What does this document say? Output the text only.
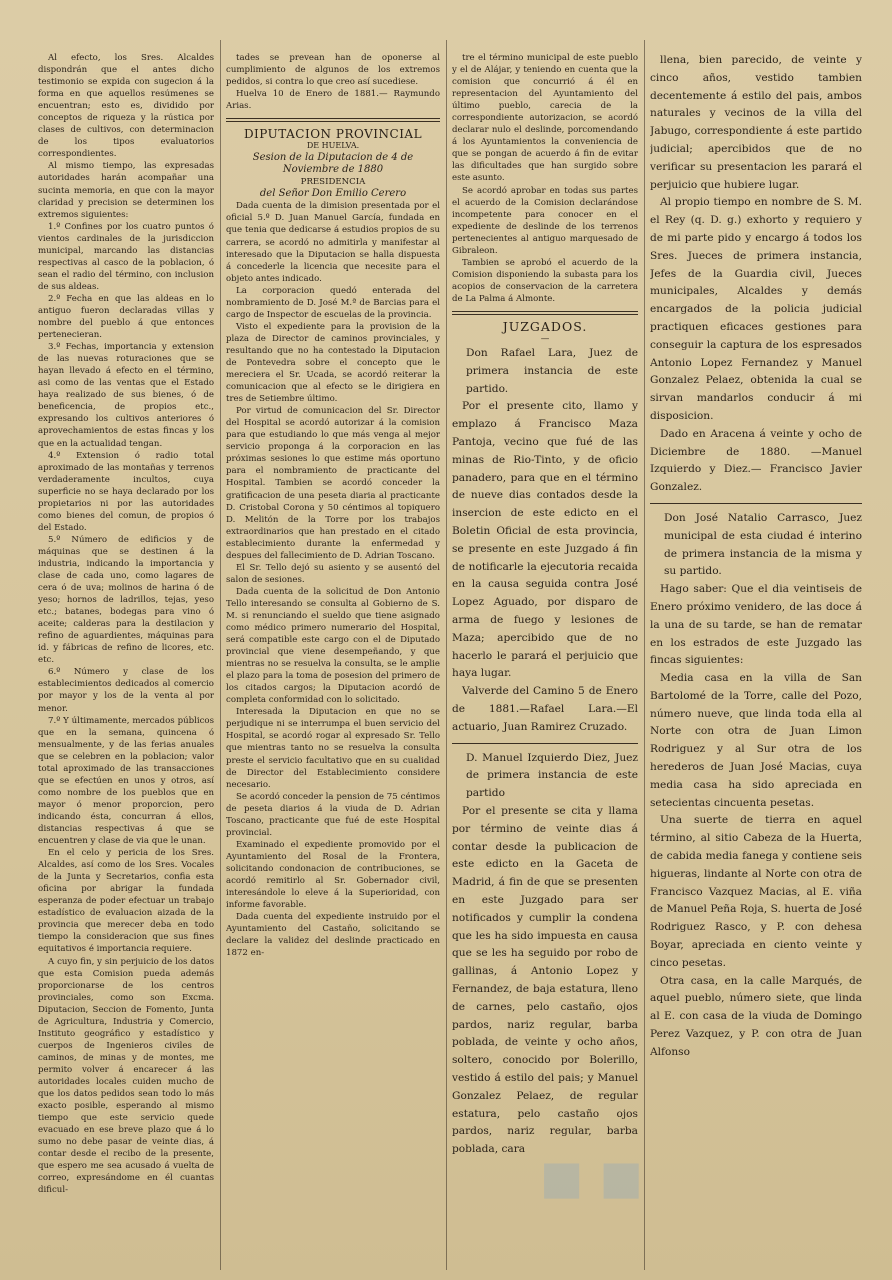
Al efecto, los Sres. Alcaldes dispondrán que el antes dicho testimonio se expida con sugecion á la forma en que aquellos resúmenes se encuentran; esto es, dividido por conceptos de riqueza y la rústica por clases de cultivos, con determinacion de los tipos evaluatorios correspondientes.

Al mismo tiempo, las expresadas autoridades harán acompañar una sucinta memoria, en que con la mayor claridad y precision se determinen los extremos siguientes:

1.º Confines por los cuatro puntos ó vientos cardinales de la jurisdiccion municipal, marcando las distancias respectivas al casco de la poblacion, ó sean el radio del término, con inclusion de sus aldeas.

2.º Fecha en que las aldeas en lo antiguo fueron declaradas villas y nombre del pueblo á que entonces pertenecieran.

3.º Fechas, importancia y extension de las nuevas roturaciones que se hayan llevado á efecto en el término, asi como de las ventas que el Estado haya realizado de sus bienes, ó de beneficencia, de propios etc., expresando los cultivos anteriores ó aprovechamientos de estas fincas y los que en la actualidad tengan.

4.º Extension ó radio total aproximado de las montañas y terrenos verdaderamente incultos, cuya superficie no se haya declarado por los propietarios ni por las autoridades como bienes del comun, de propios ó del Estado.

5.º Número de edificios y de máquinas que se destinen á la industria, indicando la importancia y clase de cada uno, como lagares de cera ó de uva; molinos de harina ó de yeso; hornos de ladrillos, tejas, yeso etc.; batanes, bodegas para vino ó aceite; calderas para la destilacion y refino de aguardientes, máquinas para id. y fábricas de refino de licores, etc. etc.

6.º Número y clase de los establecimientos dedicados al comercio por mayor y los de la venta al por menor.

7.º Y últimamente, mercados públicos que en la semana, quincena ó mensualmente, y de las ferias anuales que se celebren en la poblacion; valor total aproximado de las transacciones que se efectúen en unos y otros, así como nombre de los pueblos que en mayor ó menor proporcion, pero indicando ésta, concurran á ellos, distancias respectivas á que se encuentren y clase de via que le unan.

En el celo y pericia de los Sres. Alcaldes, así como de los Sres. Vocales de la Junta y Secretarios, confia esta oficina por abrigar la fundada esperanza de poder efectuar un trabajo estadístico de evaluacion aizada de la provincia que merecer deba en todo tiempo la consideracion que sus fines equitativos é importancia requiere.

A cuyo fin, y sin perjuicio de los datos que esta Comision pueda además proporcionarse de los centros provinciales, como son Excma. Diputacion, Seccion de Fomento, Junta de Agricultura, Industria y Comercio, Instituto geográfico y estadístico y cuerpos de Ingenieros civiles de caminos, de minas y de montes, me permito volver á encarecer á las autoridades locales cuiden mucho de que los datos pedidos sean todo lo más exacto posible, esperando al mismo tiempo que este servicio quede evacuado en ese breve plazo que á lo sumo no debe pasar de veinte dias, á contar desde el recibo de la presente, que espero me sea acusado á vuelta de correo, expresándome en él cuantas dificul-

tades se prevean han de oponerse al cumplimiento de algunos de los extremos pedidos, si contra lo que creo así sucediese.

Huelva 10 de Enero de 1881.— Raymundo Arias.

DIPUTACION PROVINCIAL

DE HUELVA.

Sesion de la Diputacion de 4 de Noviembre de 1880

PRESIDENCIA

del Señor Don Emilio Cerero

Dada cuenta de la dimision presentada por el oficial 5.º D. Juan Manuel García, fundada en que tenia que dedicarse á estudios propios de su carrera, se acordó no admitirla y manifestar al interesado que la Diputacion se halla dispuesta á concederle la licencia que necesite para el objeto antes indicado.

La corporacion quedó enterada del nombramiento de D. José M.ª de Barcias para el cargo de Inspector de escuelas de la provincia.

Visto el expediente para la provision de la plaza de Director de caminos provinciales, y resultando que no ha contestado la Diputacion de Pontevedra sobre el concepto que le mereciera el Sr. Ucada, se acordó reiterar la comunicacion que al efecto se le dirigiera en tres de Setiembre último.

Por virtud de comunicacion del Sr. Director del Hospital se acordó autorizar á la comision para que estudiando lo que más venga al mejor servicio proponga á la corporacion en las próximas sesiones lo que estime más oportuno para el nombramiento de practicante del Hospital. Tambien se acordó conceder la gratificacion de una peseta diaria al practicante D. Cristobal Corona y 50 céntimos al topiquero D. Melitón de la Torre por los trabajos extraordinarios que han prestado en el citado establecimiento durante la enfermedad y despues del fallecimiento de D. Adrian Toscano.

El Sr. Tello dejó su asiento y se ausentó del salon de sesiones.

Dada cuenta de la solicitud de Don Antonio Tello interesando se consulta al Gobierno de S. M. si renunciando el sueldo que tiene asignado como médico primero numerario del Hospital, será compatible este cargo con el de Diputado provincial que viene desempeñando, y que mientras no se resuelva la consulta, se le amplie el plazo para la toma de posesion del primero de los citados cargos; la Diputacion acordó de completa conformidad con lo solicitado.

Interesada la Diputacion en que no se perjudique ni se interrumpa el buen servicio del Hospital, se acordó rogar al expresado Sr. Tello que mientras tanto no se resuelva la consulta preste el servicio facultativo que en su cualidad de Director del Establecimiento considere necesario.

Se acordó conceder la pension de 75 céntimos de peseta diarios á la viuda de D. Adrian Toscano, practicante que fué de este Hospital provincial.

Examinado el expediente promovido por el Ayuntamiento del Rosal de la Frontera, solicitando condonacion de contribuciones, se acordó remitirlo al Sr. Gobernador civil, interesándole lo eleve á la Superioridad, con informe favorable.

Dada cuenta del expediente instruido por el Ayuntamiento del Castaño, solicitando se declare la validez del deslinde practicado en 1872 en-

tre el término municipal de este pueblo y el de Alájar, y teniendo en cuenta que la comision que concurrió á él en representacion del Ayuntamiento del último pueblo, carecia de la correspondiente autorizacion, se acordó declarar nulo el deslinde, porcomendando á los Ayuntamientos la conveniencia de que se pongan de acuerdo á fin de evitar las dificultades que han surgido sobre este asunto.

Se acordó aprobar en todas sus partes el acuerdo de la Comision declarándose incompetente para conocer en el expediente de deslinde de los terrenos pertenecientes al antiguo marquesado de Gibraleon.

Tambien se aprobó el acuerdo de la Comision disponiendo la subasta para los acopios de conservacion de la carretera de La Palma á Almonte.

JUZGADOS.

—

Don Rafael Lara, Juez de primera instancia de este partido.

Por el presente cito, llamo y emplazo á Francisco Maza Pantoja, vecino que fué de las minas de Rio-Tinto, y de oficio panadero, para que en el término de nueve dias contados desde la insercion de este edicto en el Boletin Oficial de esta provincia, se presente en este Juzgado á fin de notificarle la ejecutoria recaida en la causa seguida contra José Lopez Aguado, por disparo de arma de fuego y lesiones de Maza; apercibido que de no hacerlo le parará el perjuicio que haya lugar.

Valverde del Camino 5 de Enero de 1881.—Rafael Lara.—El actuario, Juan Ramirez Cruzado.

D. Manuel Izquierdo Diez, Juez de primera instancia de este partido

Por el presente se cita y llama por término de veinte dias á contar desde la publicacion de este edicto en la Gaceta de Madrid, á fin de que se presenten en este Juzgado para ser notificados y cumplir la condena que les ha sido impuesta en causa que se les ha seguido por robo de gallinas, á Antonio Lopez y Fernandez, de baja estatura, lleno de carnes, pelo castaño, ojos pardos, nariz regular, barba poblada, de veinte y ocho años, soltero, conocido por Bolerillo, vestido á estilo del pais; y Manuel Gonzalez Pelaez, de regular estatura, pelo castaño ojos pardos, nariz regular, barba poblada, cara

llena, bien parecido, de veinte y cinco años, vestido tambien decentemente á estilo del pais, ambos naturales y vecinos de la villa del Jabugo, correspondiente á este partido judicial; apercibidos que de no verificar su presentacion les parará el perjuicio que hubiere lugar.

Al propio tiempo en nombre de S. M. el Rey (q. D. g.) exhorto y requiero y de mi parte pido y encargo á todos los Sres. Jueces de primera instancia, Jefes de la Guardia civil, Jueces municipales, Alcaldes y demás encargados de la policia judicial practiquen eficaces gestiones para conseguir la captura de los espresados Antonio Lopez Fernandez y Manuel Gonzalez Pelaez, obtenida la cual se sirvan mandarlos conducir á mi disposicion.

Dado en Aracena á veinte y ocho de Diciembre de 1880. —Manuel Izquierdo y Diez.— Francisco Javier Gonzalez.

Don José Natalio Carrasco, Juez municipal de esta ciudad é interino de primera instancia de la misma y su partido.

Hago saber: Que el dia veintiseis de Enero próximo venidero, de las doce á la una de su tarde, se han de rematar en los estrados de este Juzgado las fincas siguientes:

Media casa en la villa de San Bartolomé de la Torre, calle del Pozo, número nueve, que linda toda ella al Norte con otra de Juan Limon Rodriguez y al Sur otra de los herederos de Juan José Macias, cuya media casa ha sido apreciada en setecientas cincuenta pesetas.

Una suerte de tierra en aquel término, al sitio Cabeza de la Huerta, de cabida media fanega y contiene seis higueras, lindante al Norte con otra de Francisco Vazquez Macias, al E. viña de Manuel Peña Roja, S. huerta de José Rodriguez Rasco, y P. con dehesa Boyar, apreciada en ciento veinte y cinco pesetas.

Otra casa, en la calle Marqués, de aquel pueblo, número siete, que linda al E. con casa de la viuda de Domingo Perez Vazquez, y P. con otra de Juan Alfonso

■ ■
